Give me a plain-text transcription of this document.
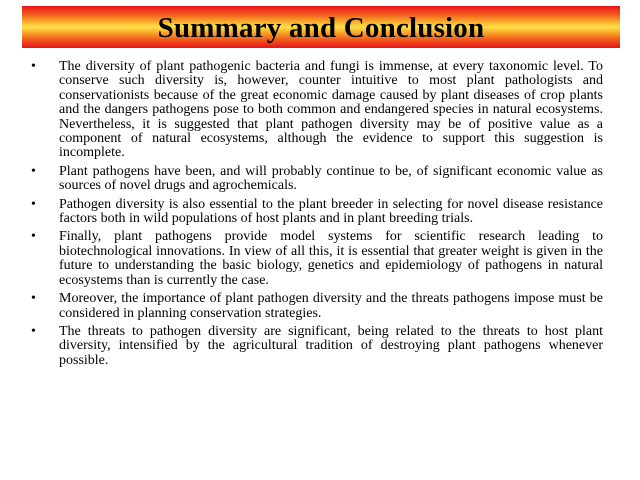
Summary and Conclusion
•	The diversity of plant pathogenic bacteria and fungi is immense, at every taxonomic level. To conserve such diversity is, however, counter intuitive to most plant pathologists and conservationists because of the great economic damage caused by plant diseases of crop plants and the dangers pathogens pose to both common and endangered species in natural ecosystems. Nevertheless, it is suggested that plant pathogen diversity may be of positive value as a component of natural ecosystems, although the evidence to support this suggestion is incomplete.
•	Plant pathogens have been, and will probably continue to be, of significant economic value as sources of novel drugs and agrochemicals.
•	Pathogen diversity is also essential to the plant breeder in selecting for novel disease resistance factors both in wild populations of host plants and in plant breeding trials.
•	Finally, plant pathogens provide model systems for scientific research leading to biotechnological innovations. In view of all this, it is essential that greater weight is given in the future to understanding the basic biology, genetics and epidemiology of pathogens in natural ecosystems than is currently the case.
•	Moreover, the importance of plant pathogen diversity and the threats pathogens impose must be considered in planning conservation strategies.
•	The threats to pathogen diversity are significant, being related to the threats to host plant diversity, intensified by the agricultural tradition of destroying plant pathogens whenever possible.
